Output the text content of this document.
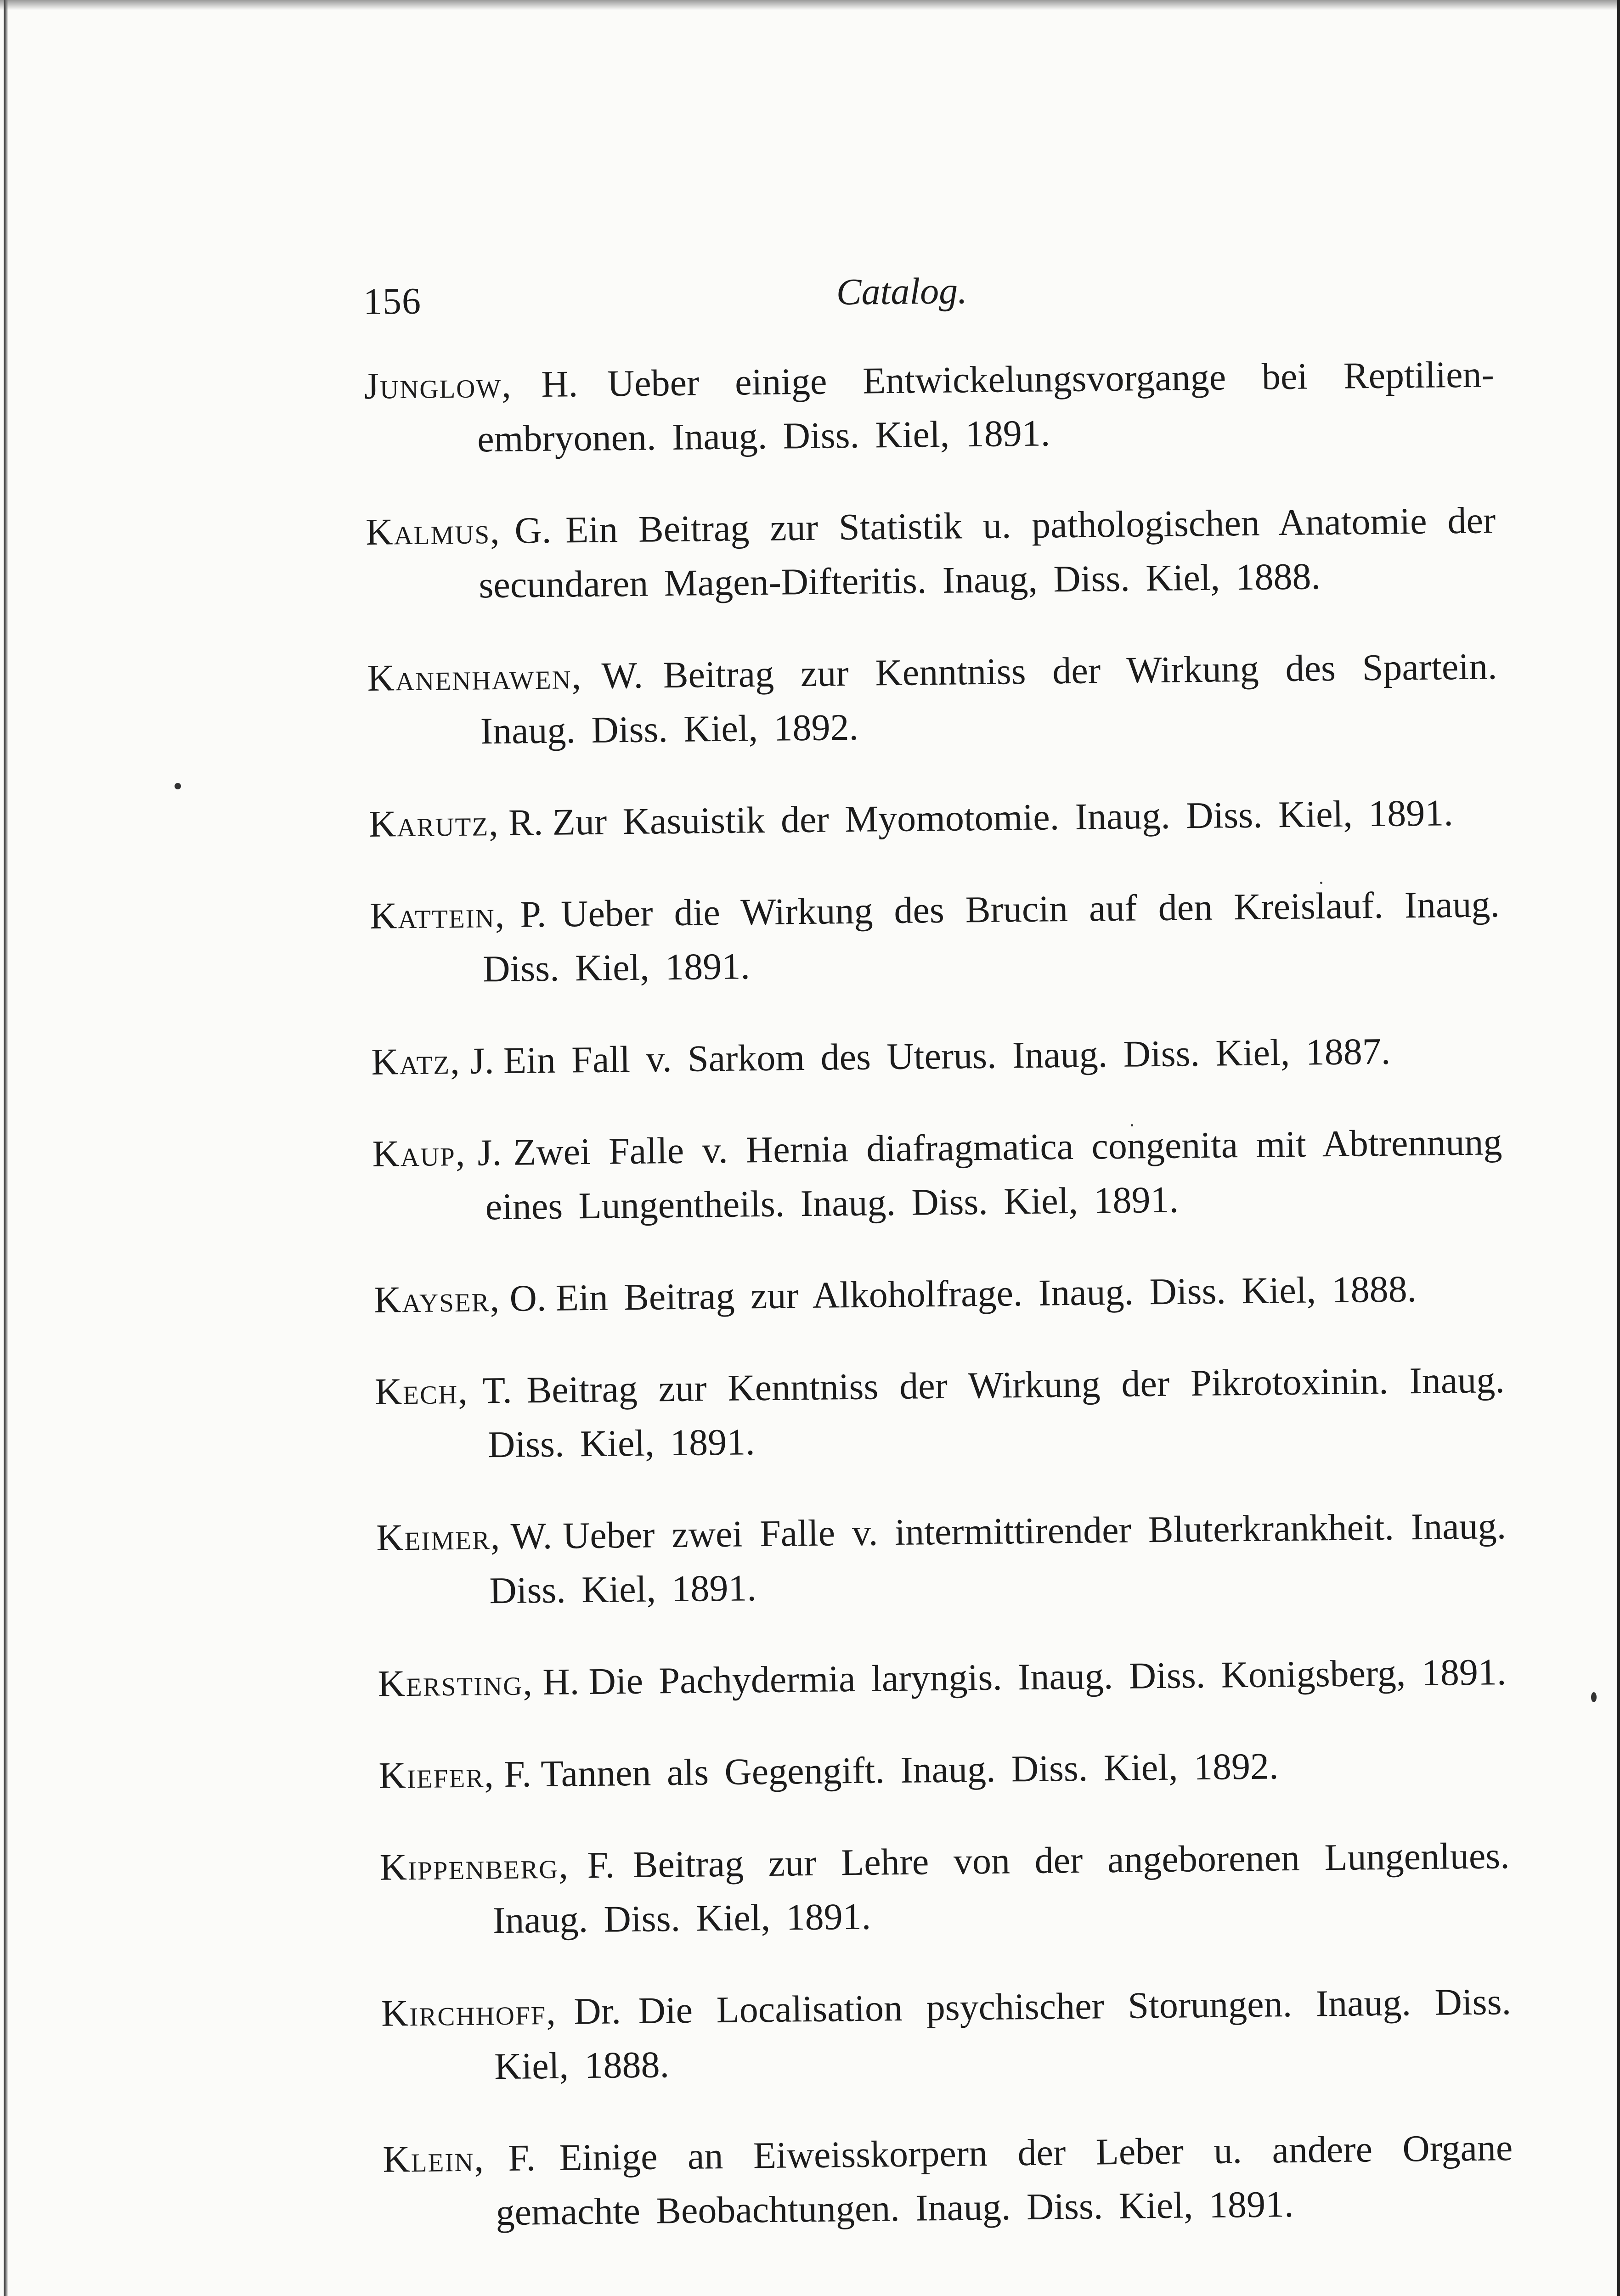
156	Catalog.

Junglow, H. Ueber einige Entwickelungsvorgange bei Reptilien-embryonen. Inaug. Diss. Kiel, 1891.

Kalmus, G. Ein Beitrag zur Statistik u. pathologischen Anatomie der secundaren Magen-Difteritis. Inaug, Diss. Kiel, 1888.

Kanenhawen, W. Beitrag zur Kenntniss der Wirkung des Spartein. Inaug. Diss. Kiel, 1892.

Karutz, R. Zur Kasuistik der Myomotomie. Inaug. Diss. Kiel, 1891.

Kattein, P. Ueber die Wirkung des Brucin auf den Kreislauf. Inaug. Diss. Kiel, 1891.

Katz, J. Ein Fall v. Sarkom des Uterus. Inaug. Diss. Kiel, 1887.

Kaup, J. Zwei Falle v. Hernia diafragmatica congenita mit Abtrennung eines Lungentheils. Inaug. Diss. Kiel, 1891.

Kayser, O. Ein Beitrag zur Alkoholfrage. Inaug. Diss. Kiel, 1888.

Kech, T. Beitrag zur Kenntniss der Wirkung der Pikrotoxinin. Inaug. Diss. Kiel, 1891.

Keimer, W. Ueber zwei Falle v. intermittirender Bluterkrankheit. Inaug. Diss. Kiel, 1891.

Kersting, H. Die Pachydermia laryngis. Inaug. Diss. Konigsberg, 1891.

Kiefer, F. Tannen als Gegengift. Inaug. Diss. Kiel, 1892.

Kippenberg, F. Beitrag zur Lehre von der angeborenen Lungenlues. Inaug. Diss. Kiel, 1891.

Kirchhoff, Dr. Die Localisation psychischer Storungen. Inaug. Diss. Kiel, 1888.

Klein, F. Einige an Eiweisskorpern der Leber u. andere Organe gemachte Beobachtungen. Inaug. Diss. Kiel, 1891.
